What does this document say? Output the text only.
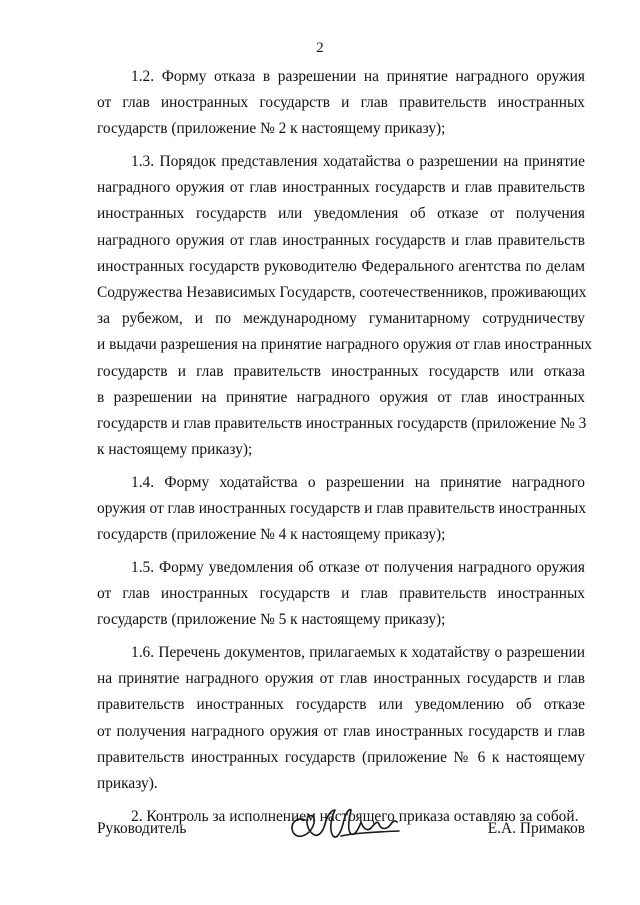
2
1.2. Форму отказа в разрешении на принятие наградного оружия
от глав иностранных государств и глав правительств иностранных
государств (приложение № 2 к настоящему приказу);
1.3. Порядок представления ходатайства о разрешении на принятие
наградного оружия от глав иностранных государств и глав правительств
иностранных государств или уведомления об отказе от получения
наградного оружия от глав иностранных государств и глав правительств
иностранных государств руководителю Федерального агентства по делам
Содружества Независимых Государств, соотечественников, проживающих
за рубежом, и по международному гуманитарному сотрудничеству
и выдачи разрешения на принятие наградного оружия от глав иностранных
государств и глав правительств иностранных государств или отказа
в разрешении на принятие наградного оружия от глав иностранных
государств и глав правительств иностранных государств (приложение № 3
к настоящему приказу);
1.4. Форму ходатайства о разрешении на принятие наградного
оружия от глав иностранных государств и глав правительств иностранных
государств (приложение № 4 к настоящему приказу);
1.5. Форму уведомления об отказе от получения наградного оружия
от глав иностранных государств и глав правительств иностранных
государств (приложение № 5 к настоящему приказу);
1.6. Перечень документов, прилагаемых к ходатайству о разрешении
на принятие наградного оружия от глав иностранных государств и глав
правительств иностранных государств или уведомлению об отказе
от получения наградного оружия от глав иностранных государств и глав
правительств иностранных государств (приложение № 6 к настоящему
приказу).
2. Контроль за исполнением настоящего приказа оставляю за собой.
Руководитель	Е.А. Примаков
